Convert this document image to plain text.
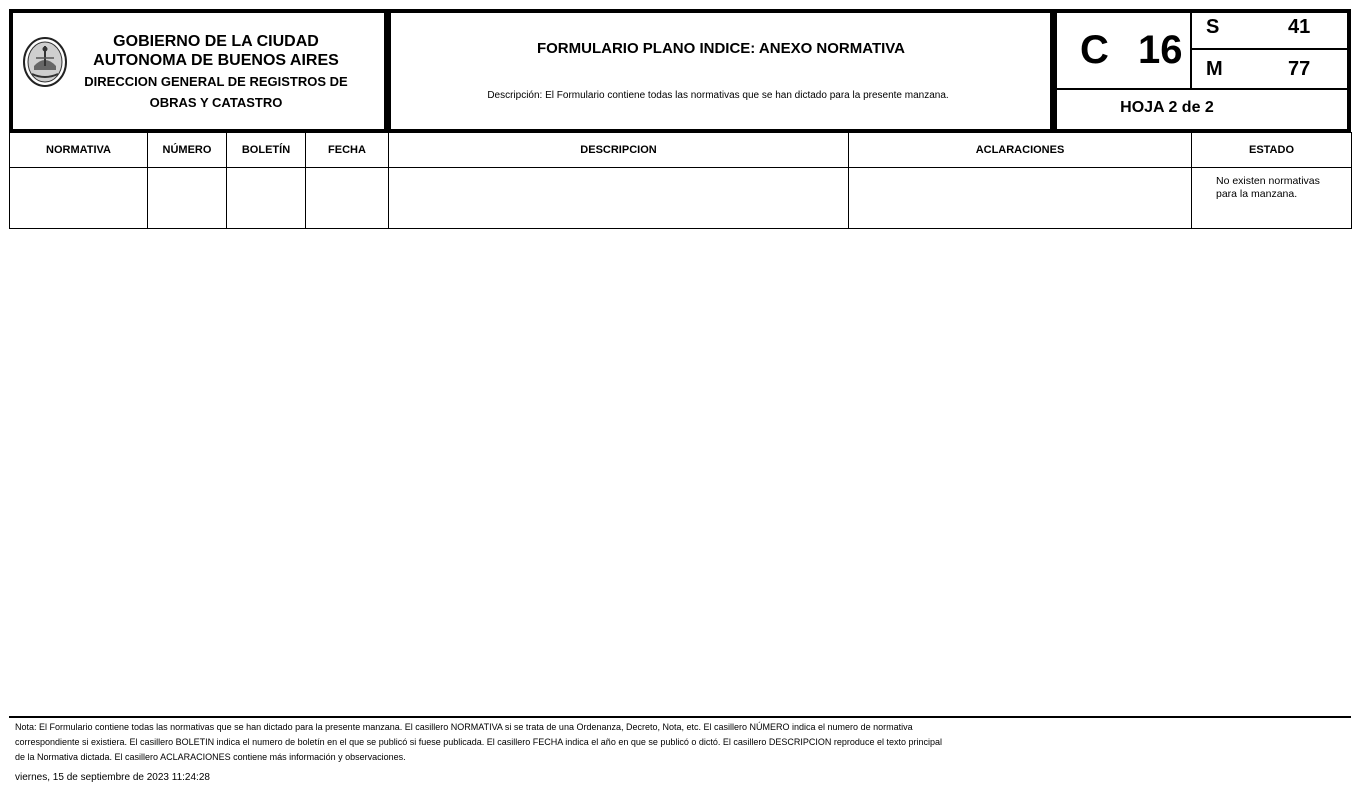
GOBIERNO DE LA CIUDAD
AUTONOMA DE BUENOS AIRES
DIRECCION GENERAL DE REGISTROS DE
OBRAS Y CATASTRO
FORMULARIO PLANO INDICE: ANEXO NORMATIVA
Descripción: El Formulario contiene todas las normativas que se han dictado para la presente manzana.
C 16
S	41
M	77
HOJA 2 de 2
NORMATIVA	NÚMERO	BOLETÍN	FECHA	DESCRIPCION	ACLARACIONES	ESTADO

						No existen normativas para la manzana.
Nota: El Formulario contiene todas las normativas que se han dictado para la presente manzana. El casillero NORMATIVA si se trata de una Ordenanza, Decreto, Nota, etc. El casillero NÚMERO indica el numero de normativa
correspondiente si existiera. El casillero BOLETIN indica el numero de boletín en el que se publicó si fuese publicada. El casillero FECHA indica el año en que se publicó o dictó. El casillero DESCRIPCION reproduce el texto principal
de la Normativa dictada. El casillero ACLARACIONES contiene más información y observaciones.
viernes, 15 de septiembre de 2023 11:24:28
